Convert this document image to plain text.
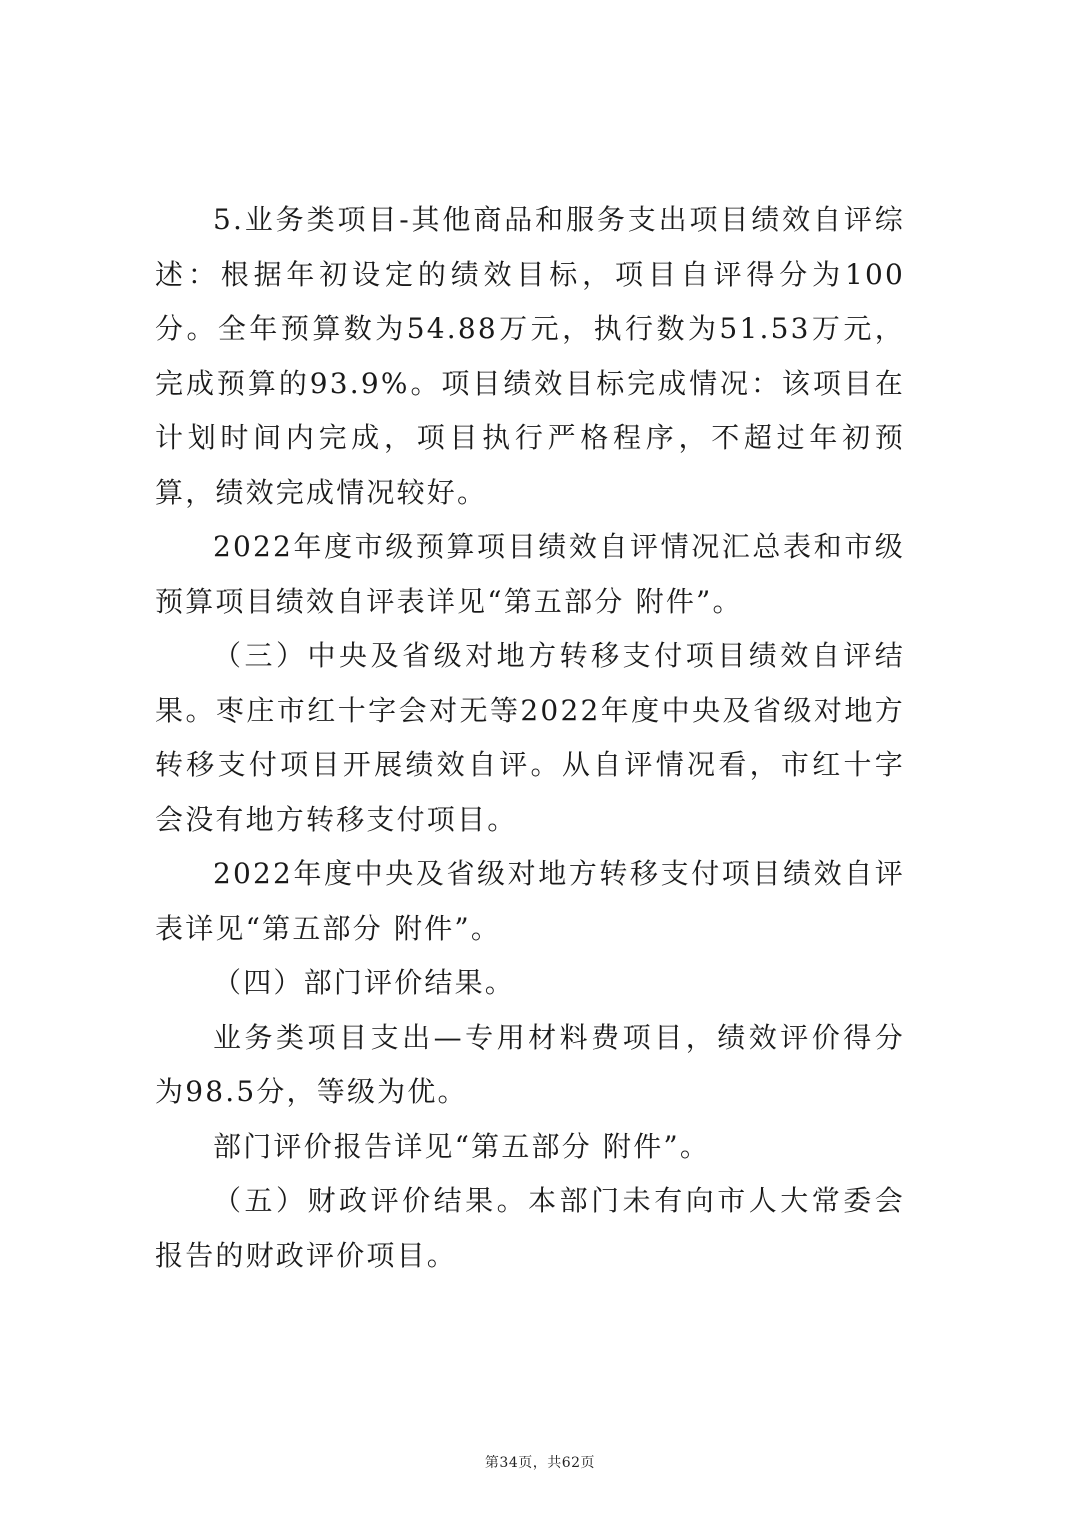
5.业务类项目-其他商品和服务支出项目绩效自评综述：根据年初设定的绩效目标，项目自评得分为100分。全年预算数为54.88万元，执行数为51.53万元，完成预算的93.9%。项目绩效目标完成情况：该项目在计划时间内完成，项目执行严格程序，不超过年初预算，绩效完成情况较好。

2022年度市级预算项目绩效自评情况汇总表和市级预算项目绩效自评表详见“第五部分 附件”。

（三）中央及省级对地方转移支付项目绩效自评结果。枣庄市红十字会对无等2022年度中央及省级对地方转移支付项目开展绩效自评。从自评情况看，市红十字会没有地方转移支付项目。

2022年度中央及省级对地方转移支付项目绩效自评表详见“第五部分 附件”。

（四）部门评价结果。

业务类项目支出—专用材料费项目，绩效评价得分为98.5分，等级为优。

部门评价报告详见“第五部分 附件”。

（五）财政评价结果。本部门未有向市人大常委会报告的财政评价项目。

第34页，共62页
